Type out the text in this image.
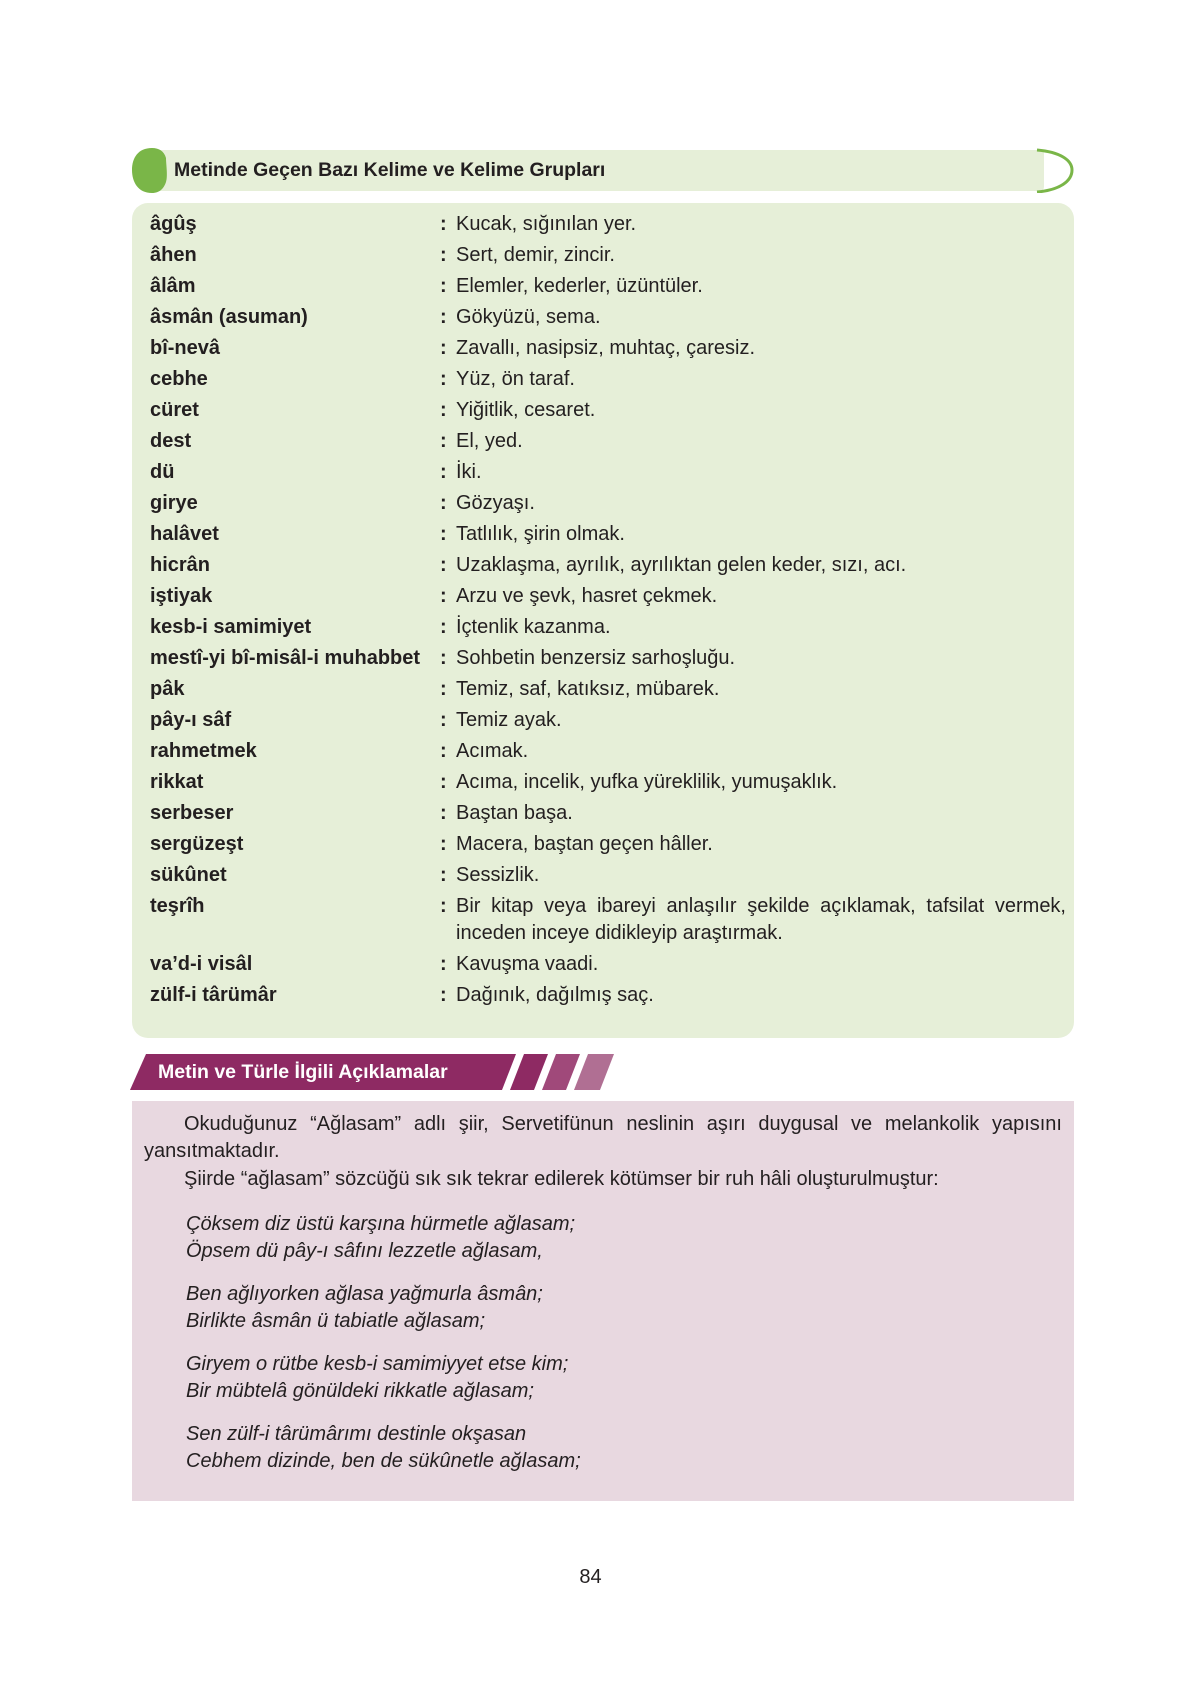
Metinde Geçen Bazı Kelime ve Kelime Grupları
âgûş	: Kucak, sığınılan yer.
âhen	: Sert, demir, zincir.
âlâm	: Elemler, kederler, üzüntüler.
âsmân (asuman)	: Gökyüzü, sema.
bî-nevâ	: Zavallı, nasipsiz, muhtaç, çaresiz.
cebhe	: Yüz, ön taraf.
cüret	: Yiğitlik, cesaret.
dest	: El, yed.
dü	: İki.
girye	: Gözyaşı.
halâvet	: Tatlılık, şirin olmak.
hicrân	: Uzaklaşma, ayrılık, ayrılıktan gelen keder, sızı, acı.
iştiyak	: Arzu ve şevk, hasret çekmek.
kesb-i samimiyet	: İçtenlik kazanma.
mestî-yi bî-misâl-i muhabbet : Sohbetin benzersiz sarhoşluğu.
pâk	: Temiz, saf, katıksız, mübarek.
pây-ı sâf	: Temiz ayak.
rahmetmek	: Acımak.
rikkat	: Acıma, incelik, yufka yüreklilik, yumuşaklık.
serbeser	: Baştan başa.
sergüzeşt	: Macera, baştan geçen hâller.
sükûnet	: Sessizlik.
teşrîh	: Bir kitap veya ibareyi anlaşılır şekilde açıklamak, tafsilat vermek, inceden inceye didikleyip araştırmak.
va’d-i visâl	: Kavuşma vaadi.
zülf-i târümâr	: Dağınık, dağılmış saç.
Metin ve Türle İlgili Açıklamalar

Okuduğunuz “Ağlasam” adlı şiir, Servetifünun neslinin aşırı duygusal ve melankolik yapısını yansıtmaktadır.

Şiirde “ağlasam” sözcüğü sık sık tekrar edilerek kötümser bir ruh hâli oluşturulmuştur:

Çöksem diz üstü karşına hürmetle ağlasam;
Öpsem dü pây-ı sâfını lezzetle ağlasam,
Ben ağlıyorken ağlasa yağmurla âsmân;
Birlikte âsmân ü tabiatle ağlasam;
Giryem o rütbe kesb-i samimiyyet etse kim;
Bir mübtelâ gönüldeki rikkatle ağlasam;
Sen zülf-i târümârımı destinle okşasan
Cebhem dizinde, ben de sükûnetle ağlasam;
84
